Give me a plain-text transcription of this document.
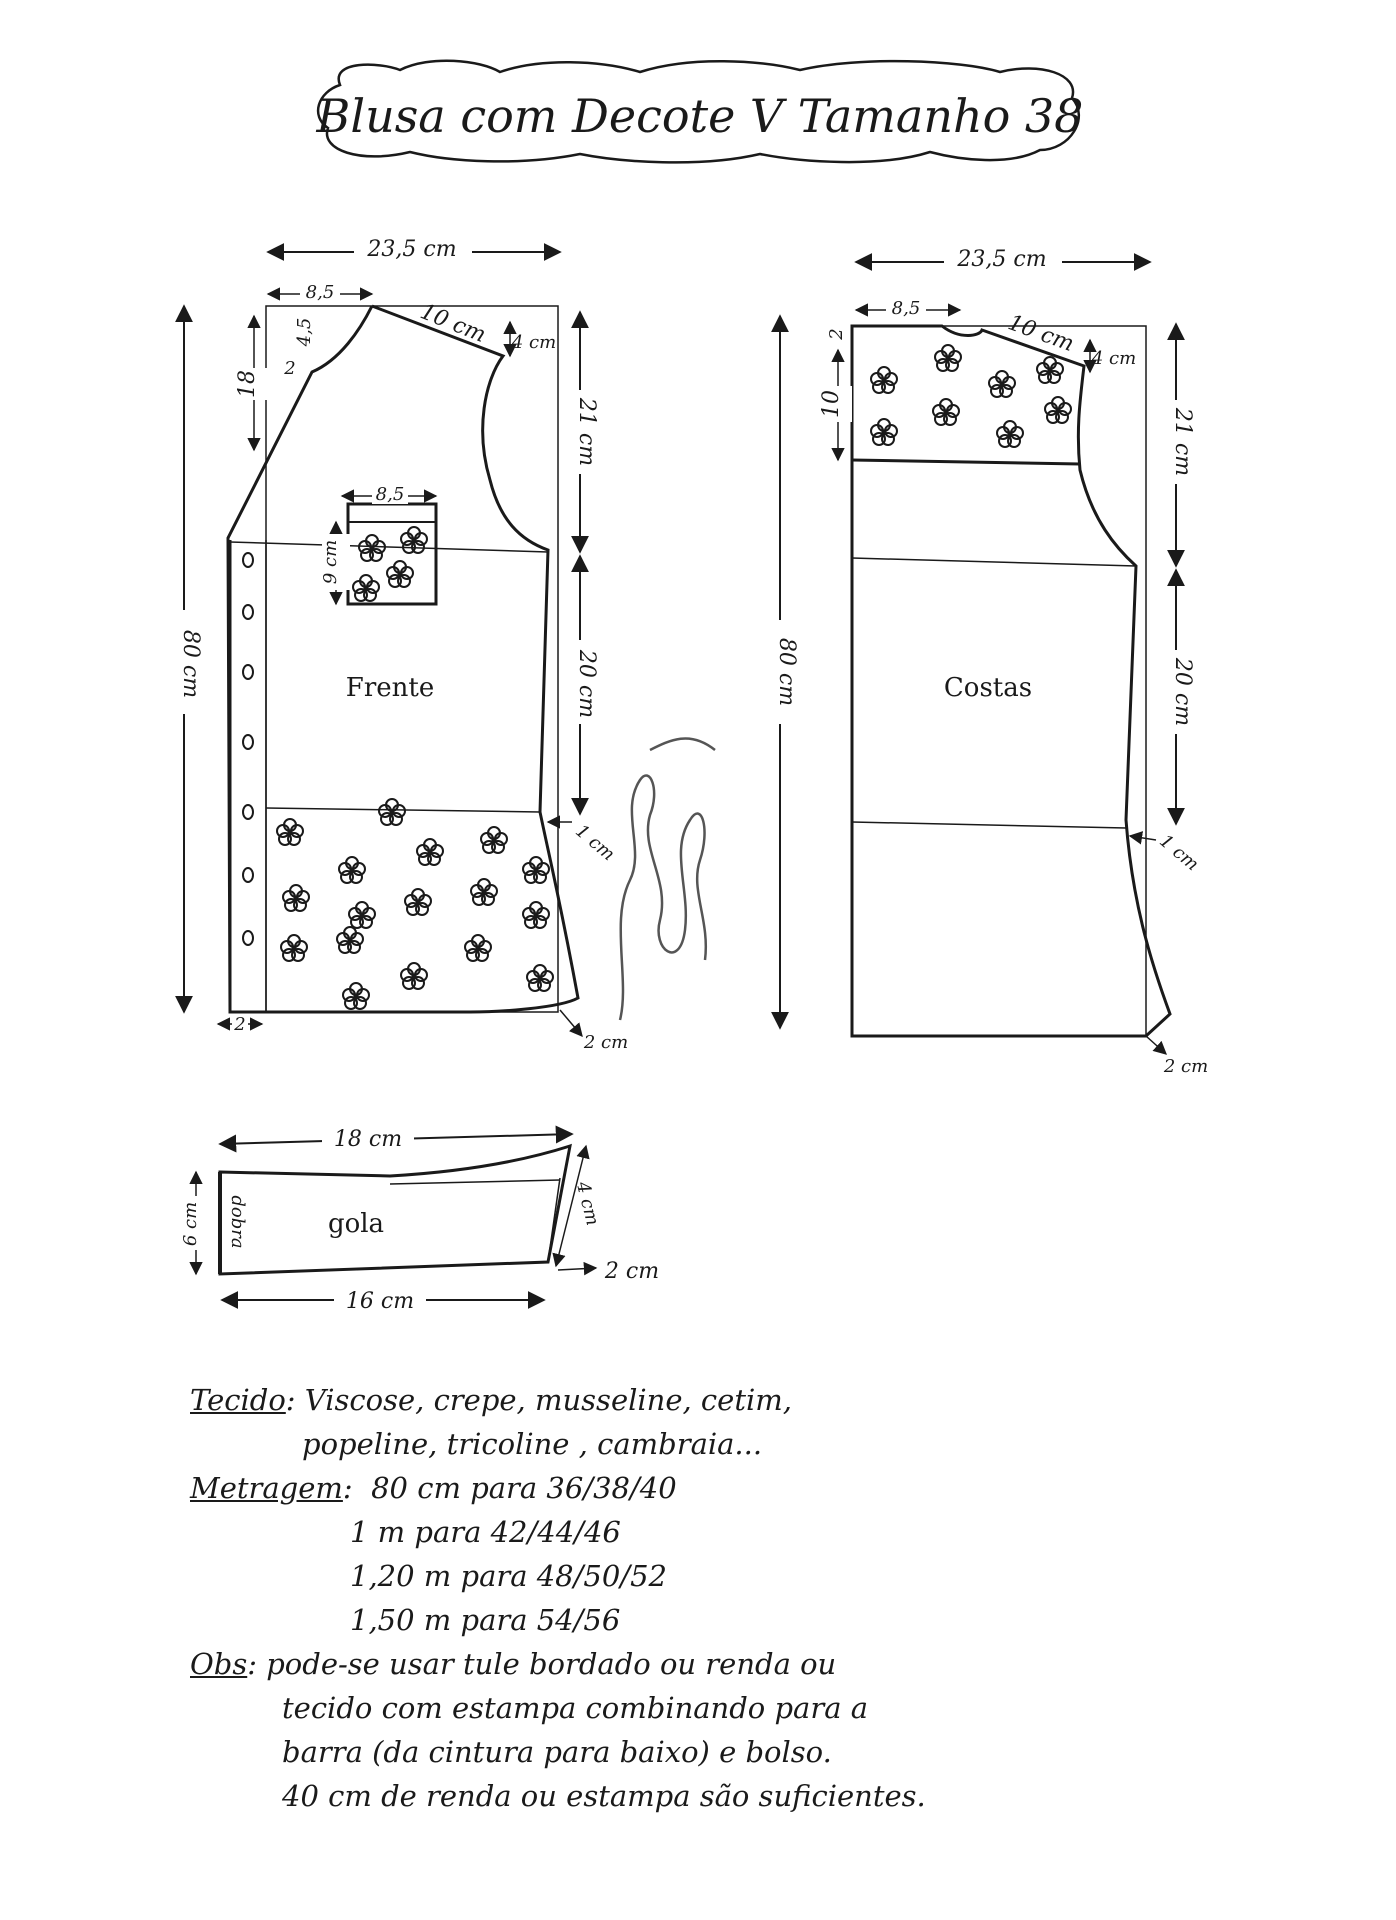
Blusa com Decote V Tamanho 38
Frente
23,5 cm
8,5
4,5
2
10 cm 4 cm
18
80 cm
21 cm
20 cm
1 cm
2 cm
2
8,5
9 cm
Costas
23,5 cm
8,5
2
10
10 cm
4 cm
80 cm
21 cm
20 cm
1 cm
2 cm
dobra	gola
18 cm
16 cm
6 cm	4 cm
2 cm
Tecido: Viscose, crepe, musseline, cetim,
popeline, tricoline , cambraia...
Metragem:  80 cm para 36/38/40
1 m para 42/44/46
1,20 m para 48/50/52
1,50 m para 54/56
Obs: pode-se usar tule bordado ou renda ou
tecido com estampa combinando para a
barra (da cintura para baixo) e bolso.
40 cm de renda ou estampa são suficientes.
